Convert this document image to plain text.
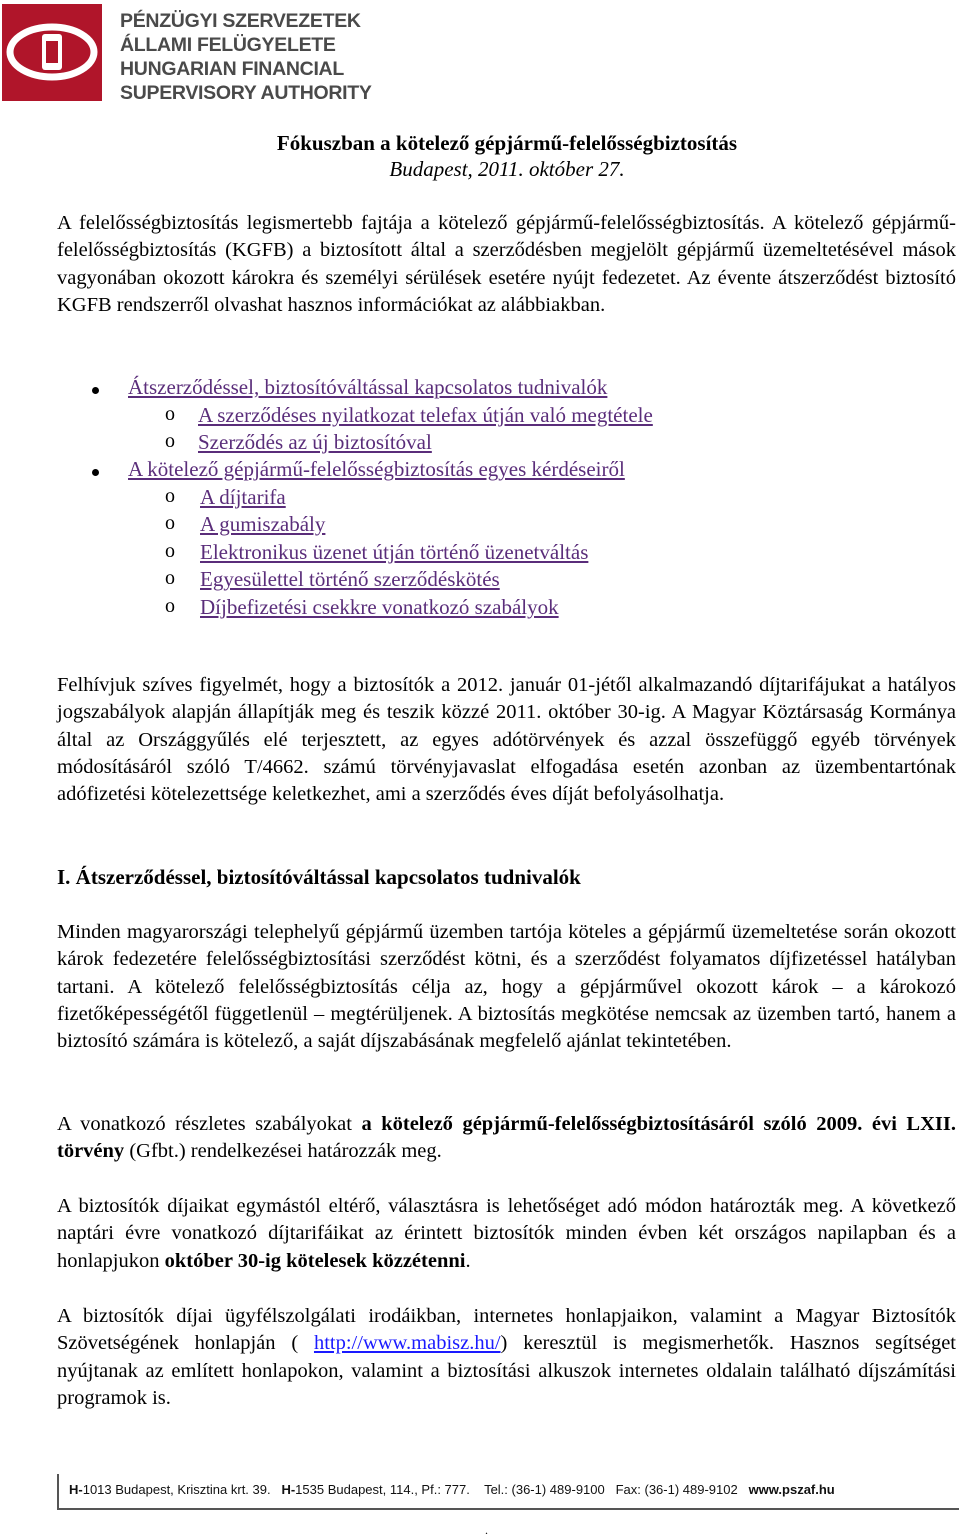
PÉNZÜGYI SZERVEZETEK
ÁLLAMI FELÜGYELETE
HUNGARIAN FINANCIAL
SUPERVISORY AUTHORITY
Fókuszban a kötelező gépjármű-felelősségbiztosítás
Budapest, 2011. október 27.

A felelősségbiztosítás legismertebb fajtája a kötelező gépjármű-felelősségbiztosítás. A kötelező gépjármű-felelősségbiztosítás (KGFB) a biztosított által a szerződésben megjelölt gépjármű üzemeltetésével mások vagyonában okozott károkra és személyi sérülések esetére nyújt fedezetet. Az évente átszerződést biztosító KGFB rendszerről olvashat hasznos információkat az alábbiakban.

Átszerződéssel, biztosítóváltással kapcsolatos tudnivalók
o A szerződéses nyilatkozat telefax útján való megtétele
o Szerződés az új biztosítóval
A kötelező gépjármű-felelősségbiztosítás egyes kérdéseiről
o A díjtarifa
o A gumiszabály
o Elektronikus üzenet útján történő üzenetváltás
o Egyesülettel történő szerződéskötés
o Díjbefizetési csekkre vonatkozó szabályok

Felhívjuk szíves figyelmét, hogy a biztosítók a 2012. január 01-jétől alkalmazandó díjtarifájukat a hatályos jogszabályok alapján állapítják meg és teszik közzé 2011. október 30-ig. A Magyar Köztársaság Kormánya által az Országgyűlés elé terjesztett, az egyes adótörvények és azzal összefüggő egyéb törvények módosításáról szóló T/4662. számú törvényjavaslat elfogadása esetén azonban az üzembentartónak adófizetési kötelezettsége keletkezhet, ami a szerződés éves díját befolyásolhatja.

I. Átszerződéssel, biztosítóváltással kapcsolatos tudnivalók

Minden magyarországi telephelyű gépjármű üzemben tartója köteles a gépjármű üzemeltetése során okozott károk fedezetére felelősségbiztosítási szerződést kötni, és a szerződést folyamatos díjfizetéssel hatályban tartani. A kötelező felelősségbiztosítás célja az, hogy a gépjárművel okozott károk – a károkozó fizetőképességétől függetlenül – megtérüljenek. A biztosítás megkötése nemcsak az üzemben tartó, hanem a biztosító számára is kötelező, a saját díjszabásának megfelelő ajánlat tekintetében.

A vonatkozó részletes szabályokat a kötelező gépjármű-felelősségbiztosításáról szóló 2009. évi LXII. törvény (Gfbt.) rendelkezései határozzák meg.

A biztosítók díjaikat egymástól eltérő, választásra is lehetőséget adó módon határozták meg. A következő naptári évre vonatkozó díjtarifáikat az érintett biztosítók minden évben két országos napilapban és a honlapjukon október 30-ig kötelesek közzétenni.

A biztosítók díjai ügyfélszolgálati irodáikban, internetes honlapjaikon, valamint a Magyar Biztosítók Szövetségének honlapján ( http://www.mabisz.hu/) keresztül is megismerhetők. Hasznos segítséget nyújtanak az említett honlapokon, valamint a biztosítási alkuszok internetes oldalain található díjszámítási programok is.

H-1013 Budapest, Krisztina krt. 39. H-1535 Budapest, 114., Pf.: 777. Tel.: (36-1) 489-9100 Fax: (36-1) 489-9102 www.pszaf.hu
.
